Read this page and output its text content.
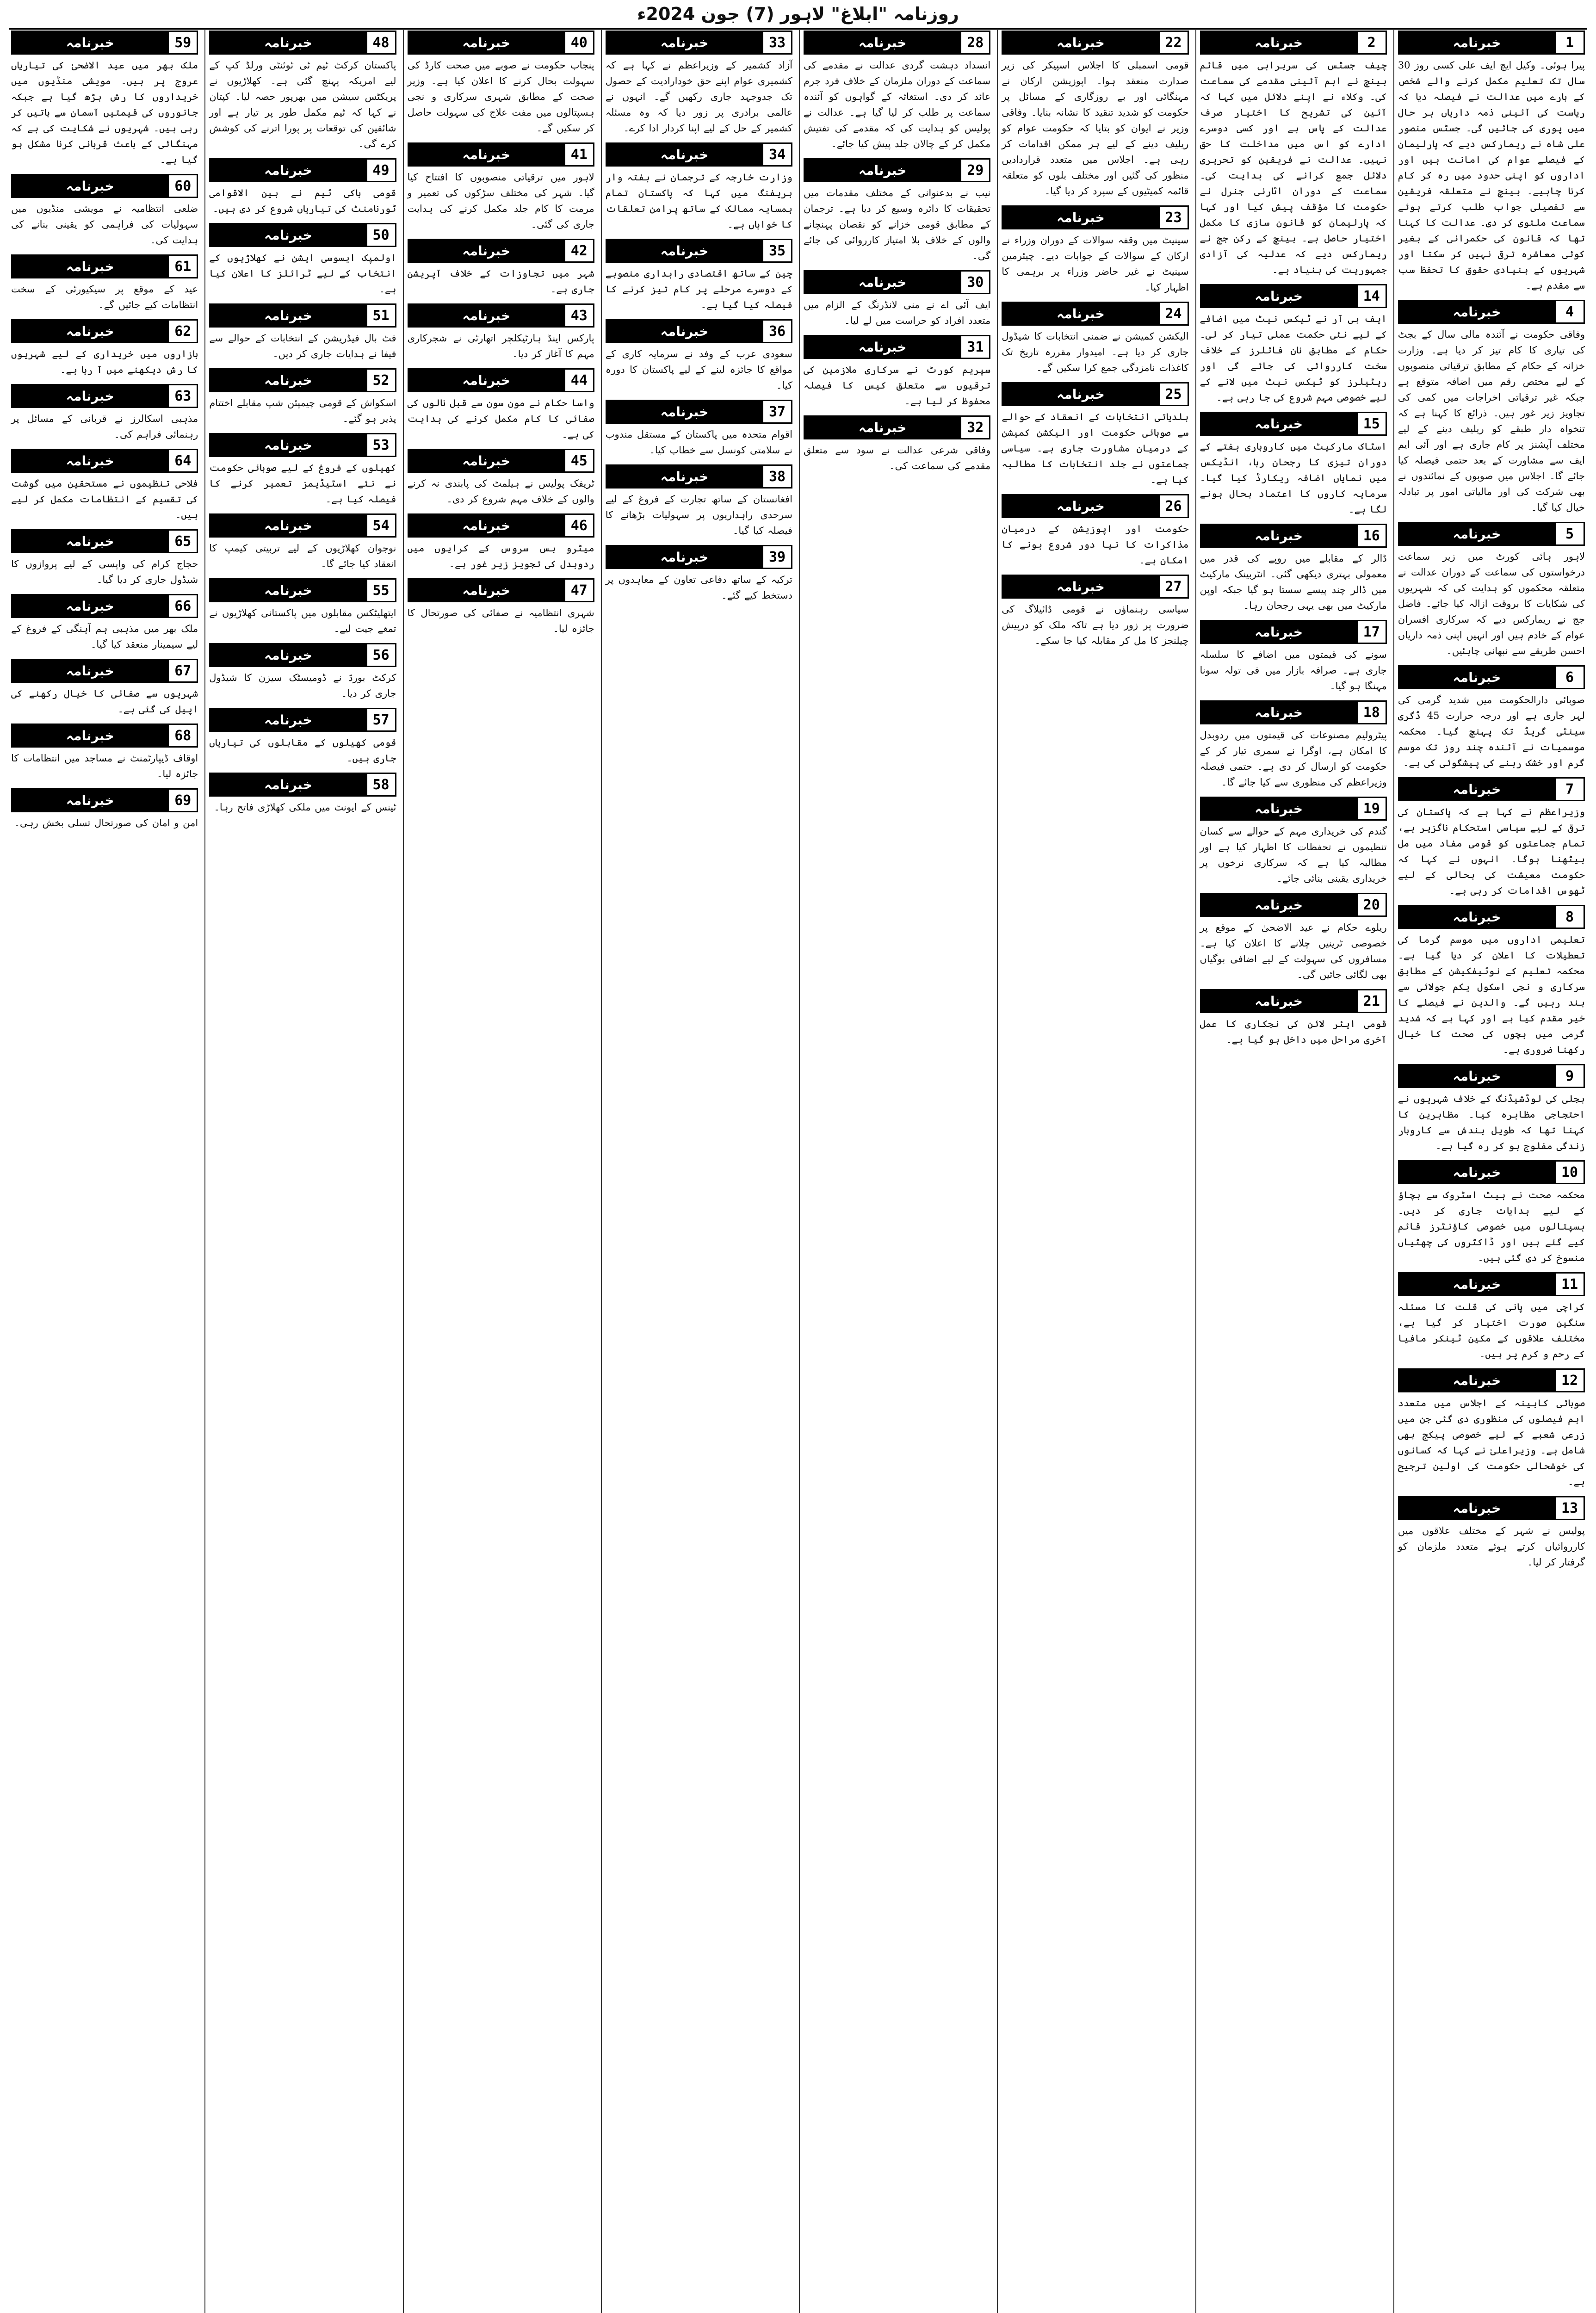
روزنامہ "ابلاغ" لاہور (7) جون 2024ء
1
خبرنامہ
پیرا ہوئی۔ وکیل ایچ ایف علی کسی روز 30 سال تک تعلیم مکمل کرنے والے شخص کے بارے میں عدالت نے فیصلہ دیا کہ ریاست کی آئینی ذمہ داریاں ہر حال میں پوری کی جائیں گی۔ جسٹس منصور علی شاہ نے ریمارکس دیے کہ پارلیمان کے فیصلے عوام کی امانت ہیں اور اداروں کو اپنی حدود میں رہ کر کام کرنا چاہیے۔ بینچ نے متعلقہ فریقین سے تفصیلی جواب طلب کرتے ہوئے سماعت ملتوی کر دی۔ عدالت کا کہنا تھا کہ قانون کی حکمرانی کے بغیر کوئی معاشرہ ترقی نہیں کر سکتا اور شہریوں کے بنیادی حقوق کا تحفظ سب سے مقدم ہے۔
4
خبرنامہ
وفاقی حکومت نے آئندہ مالی سال کے بجٹ کی تیاری کا کام تیز کر دیا ہے۔ وزارت خزانہ کے حکام کے مطابق ترقیاتی منصوبوں کے لیے مختص رقم میں اضافہ متوقع ہے جبکہ غیر ترقیاتی اخراجات میں کمی کی تجاویز زیر غور ہیں۔ ذرائع کا کہنا ہے کہ تنخواہ دار طبقے کو ریلیف دینے کے لیے مختلف آپشنز پر کام جاری ہے اور آئی ایم ایف سے مشاورت کے بعد حتمی فیصلہ کیا جائے گا۔ اجلاس میں صوبوں کے نمائندوں نے بھی شرکت کی اور مالیاتی امور پر تبادلہ خیال کیا گیا۔
5
خبرنامہ
لاہور ہائی کورٹ میں زیر سماعت درخواستوں کی سماعت کے دوران عدالت نے متعلقہ محکموں کو ہدایت کی کہ شہریوں کی شکایات کا بروقت ازالہ کیا جائے۔ فاضل جج نے ریمارکس دیے کہ سرکاری افسران عوام کے خادم ہیں اور انہیں اپنی ذمہ داریاں احسن طریقے سے نبھانی چاہئیں۔
6
خبرنامہ
صوبائی دارالحکومت میں شدید گرمی کی لہر جاری ہے اور درجہ حرارت 45 ڈگری سینٹی گریڈ تک پہنچ گیا۔ محکمہ موسمیات نے آئندہ چند روز تک موسم گرم اور خشک رہنے کی پیشگوئی کی ہے۔
7
خبرنامہ
وزیراعظم نے کہا ہے کہ پاکستان کی ترقی کے لیے سیاسی استحکام ناگزیر ہے، تمام جماعتوں کو قومی مفاد میں مل بیٹھنا ہوگا۔ انہوں نے کہا کہ حکومت معیشت کی بحالی کے لیے ٹھوس اقدامات کر رہی ہے۔
8
خبرنامہ
تعلیمی اداروں میں موسم گرما کی تعطیلات کا اعلان کر دیا گیا ہے۔ محکمہ تعلیم کے نوٹیفکیشن کے مطابق سرکاری و نجی اسکول یکم جولائی سے بند رہیں گے۔ والدین نے فیصلے کا خیر مقدم کیا ہے اور کہا ہے کہ شدید گرمی میں بچوں کی صحت کا خیال رکھنا ضروری ہے۔
9
خبرنامہ
بجلی کی لوڈشیڈنگ کے خلاف شہریوں نے احتجاجی مظاہرہ کیا۔ مظاہرین کا کہنا تھا کہ طویل بندش سے کاروبار زندگی مفلوج ہو کر رہ گیا ہے۔
10
خبرنامہ
محکمہ صحت نے ہیٹ اسٹروک سے بچاؤ کے لیے ہدایات جاری کر دیں۔ ہسپتالوں میں خصوصی کاؤنٹرز قائم کیے گئے ہیں اور ڈاکٹروں کی چھٹیاں منسوخ کر دی گئی ہیں۔
11
خبرنامہ
کراچی میں پانی کی قلت کا مسئلہ سنگین صورت اختیار کر گیا ہے، مختلف علاقوں کے مکین ٹینکر مافیا کے رحم و کرم پر ہیں۔
12
خبرنامہ
صوبائی کابینہ کے اجلاس میں متعدد اہم فیصلوں کی منظوری دی گئی جن میں زرعی شعبے کے لیے خصوصی پیکج بھی شامل ہے۔ وزیراعلیٰ نے کہا کہ کسانوں کی خوشحالی حکومت کی اولین ترجیح ہے۔
13
خبرنامہ
پولیس نے شہر کے مختلف علاقوں میں کارروائیاں کرتے ہوئے متعدد ملزمان کو گرفتار کر لیا۔
2
خبرنامہ
چیف جسٹس کی سربراہی میں قائم بینچ نے اہم آئینی مقدمے کی سماعت کی۔ وکلاء نے اپنے دلائل میں کہا کہ آئین کی تشریح کا اختیار صرف عدالت کے پاس ہے اور کسی دوسرے ادارے کو اس میں مداخلت کا حق نہیں۔ عدالت نے فریقین کو تحریری دلائل جمع کرانے کی ہدایت کی۔ سماعت کے دوران اٹارنی جنرل نے حکومت کا مؤقف پیش کیا اور کہا کہ پارلیمان کو قانون سازی کا مکمل اختیار حاصل ہے۔ بینچ کے رکن جج نے ریمارکس دیے کہ عدلیہ کی آزادی جمہوریت کی بنیاد ہے۔
14
خبرنامہ
ایف بی آر نے ٹیکس نیٹ میں اضافے کے لیے نئی حکمت عملی تیار کر لی۔ حکام کے مطابق نان فائلرز کے خلاف سخت کارروائی کی جائے گی اور ریٹیلرز کو ٹیکس نیٹ میں لانے کے لیے خصوصی مہم شروع کی جا رہی ہے۔
15
خبرنامہ
اسٹاک مارکیٹ میں کاروباری ہفتے کے دوران تیزی کا رجحان رہا، انڈیکس میں نمایاں اضافہ ریکارڈ کیا گیا۔ سرمایہ کاروں کا اعتماد بحال ہونے لگا ہے۔
16
خبرنامہ
ڈالر کے مقابلے میں روپے کی قدر میں معمولی بہتری دیکھی گئی۔ انٹربینک مارکیٹ میں ڈالر چند پیسے سستا ہو گیا جبکہ اوپن مارکیٹ میں بھی یہی رجحان رہا۔
17
خبرنامہ
سونے کی قیمتوں میں اضافے کا سلسلہ جاری ہے۔ صرافہ بازار میں فی تولہ سونا مہنگا ہو گیا۔
18
خبرنامہ
پیٹرولیم مصنوعات کی قیمتوں میں ردوبدل کا امکان ہے، اوگرا نے سمری تیار کر کے حکومت کو ارسال کر دی ہے۔ حتمی فیصلہ وزیراعظم کی منظوری سے کیا جائے گا۔
19
خبرنامہ
گندم کی خریداری مہم کے حوالے سے کسان تنظیموں نے تحفظات کا اظہار کیا ہے اور مطالبہ کیا ہے کہ سرکاری نرخوں پر خریداری یقینی بنائی جائے۔
20
خبرنامہ
ریلوے حکام نے عید الاضحیٰ کے موقع پر خصوصی ٹرینیں چلانے کا اعلان کیا ہے۔ مسافروں کی سہولت کے لیے اضافی بوگیاں بھی لگائی جائیں گی۔
21
خبرنامہ
قومی ایئر لائن کی نجکاری کا عمل آخری مراحل میں داخل ہو گیا ہے۔
22
خبرنامہ
قومی اسمبلی کا اجلاس اسپیکر کی زیر صدارت منعقد ہوا۔ اپوزیشن ارکان نے مہنگائی اور بے روزگاری کے مسائل پر حکومت کو شدید تنقید کا نشانہ بنایا۔ وفاقی وزیر نے ایوان کو بتایا کہ حکومت عوام کو ریلیف دینے کے لیے ہر ممکن اقدامات کر رہی ہے۔ اجلاس میں متعدد قراردادیں منظور کی گئیں اور مختلف بلوں کو متعلقہ قائمہ کمیٹیوں کے سپرد کر دیا گیا۔
23
خبرنامہ
سینیٹ میں وقفہ سوالات کے دوران وزراء نے ارکان کے سوالات کے جوابات دیے۔ چیئرمین سینیٹ نے غیر حاضر وزراء پر برہمی کا اظہار کیا۔
24
خبرنامہ
الیکشن کمیشن نے ضمنی انتخابات کا شیڈول جاری کر دیا ہے۔ امیدوار مقررہ تاریخ تک کاغذات نامزدگی جمع کرا سکیں گے۔
25
خبرنامہ
بلدیاتی انتخابات کے انعقاد کے حوالے سے صوبائی حکومت اور الیکشن کمیشن کے درمیان مشاورت جاری ہے۔ سیاسی جماعتوں نے جلد انتخابات کا مطالبہ کیا ہے۔
26
خبرنامہ
حکومت اور اپوزیشن کے درمیان مذاکرات کا نیا دور شروع ہونے کا امکان ہے۔
27
خبرنامہ
سیاسی رہنماؤں نے قومی ڈائیلاگ کی ضرورت پر زور دیا ہے تاکہ ملک کو درپیش چیلنجز کا مل کر مقابلہ کیا جا سکے۔
28
خبرنامہ
انسداد دہشت گردی عدالت نے مقدمے کی سماعت کے دوران ملزمان کے خلاف فرد جرم عائد کر دی۔ استغاثہ کے گواہوں کو آئندہ سماعت پر طلب کر لیا گیا ہے۔ عدالت نے پولیس کو ہدایت کی کہ مقدمے کی تفتیش مکمل کر کے چالان جلد پیش کیا جائے۔
29
خبرنامہ
نیب نے بدعنوانی کے مختلف مقدمات میں تحقیقات کا دائرہ وسیع کر دیا ہے۔ ترجمان کے مطابق قومی خزانے کو نقصان پہنچانے والوں کے خلاف بلا امتیاز کارروائی کی جائے گی۔
30
خبرنامہ
ایف آئی اے نے منی لانڈرنگ کے الزام میں متعدد افراد کو حراست میں لے لیا۔
31
خبرنامہ
سپریم کورٹ نے سرکاری ملازمین کی ترقیوں سے متعلق کیس کا فیصلہ محفوظ کر لیا ہے۔
32
خبرنامہ
وفاقی شرعی عدالت نے سود سے متعلق مقدمے کی سماعت کی۔
33
خبرنامہ
آزاد کشمیر کے وزیراعظم نے کہا ہے کہ کشمیری عوام اپنے حق خودارادیت کے حصول تک جدوجہد جاری رکھیں گے۔ انہوں نے عالمی برادری پر زور دیا کہ وہ مسئلہ کشمیر کے حل کے لیے اپنا کردار ادا کرے۔
34
خبرنامہ
وزارت خارجہ کے ترجمان نے ہفتہ وار بریفنگ میں کہا کہ پاکستان تمام ہمسایہ ممالک کے ساتھ پرامن تعلقات کا خواہاں ہے۔
35
خبرنامہ
چین کے ساتھ اقتصادی راہداری منصوبے کے دوسرے مرحلے پر کام تیز کرنے کا فیصلہ کیا گیا ہے۔
36
خبرنامہ
سعودی عرب کے وفد نے سرمایہ کاری کے مواقع کا جائزہ لینے کے لیے پاکستان کا دورہ کیا۔
37
خبرنامہ
اقوام متحدہ میں پاکستان کے مستقل مندوب نے سلامتی کونسل سے خطاب کیا۔
38
خبرنامہ
افغانستان کے ساتھ تجارت کے فروغ کے لیے سرحدی راہداریوں پر سہولیات بڑھانے کا فیصلہ کیا گیا۔
39
خبرنامہ
ترکیہ کے ساتھ دفاعی تعاون کے معاہدوں پر دستخط کیے گئے۔
40
خبرنامہ
پنجاب حکومت نے صوبے میں صحت کارڈ کی سہولت بحال کرنے کا اعلان کیا ہے۔ وزیر صحت کے مطابق شہری سرکاری و نجی ہسپتالوں میں مفت علاج کی سہولت حاصل کر سکیں گے۔
41
خبرنامہ
لاہور میں ترقیاتی منصوبوں کا افتتاح کیا گیا۔ شہر کی مختلف سڑکوں کی تعمیر و مرمت کا کام جلد مکمل کرنے کی ہدایت جاری کی گئی۔
42
خبرنامہ
شہر میں تجاوزات کے خلاف آپریشن جاری ہے۔
43
خبرنامہ
پارکس اینڈ ہارٹیکلچر اتھارٹی نے شجرکاری مہم کا آغاز کر دیا۔
44
خبرنامہ
واسا حکام نے مون سون سے قبل نالوں کی صفائی کا کام مکمل کرنے کی ہدایت کی ہے۔
45
خبرنامہ
ٹریفک پولیس نے ہیلمٹ کی پابندی نہ کرنے والوں کے خلاف مہم شروع کر دی۔
46
خبرنامہ
میٹرو بس سروس کے کرایوں میں ردوبدل کی تجویز زیر غور ہے۔
47
خبرنامہ
شہری انتظامیہ نے صفائی کی صورتحال کا جائزہ لیا۔
48
خبرنامہ
پاکستان کرکٹ ٹیم ٹی ٹوئنٹی ورلڈ کپ کے لیے امریکہ پہنچ گئی ہے۔ کھلاڑیوں نے پریکٹس سیشن میں بھرپور حصہ لیا۔ کپتان نے کہا کہ ٹیم مکمل طور پر تیار ہے اور شائقین کی توقعات پر پورا اترنے کی کوشش کرے گی۔
49
خبرنامہ
قومی ہاکی ٹیم نے بین الاقوامی ٹورنامنٹ کی تیاریاں شروع کر دی ہیں۔
50
خبرنامہ
اولمپک ایسوسی ایشن نے کھلاڑیوں کے انتخاب کے لیے ٹرائلز کا اعلان کیا ہے۔
51
خبرنامہ
فٹ بال فیڈریشن کے انتخابات کے حوالے سے فیفا نے ہدایات جاری کر دیں۔
52
خبرنامہ
اسکواش کے قومی چیمپئن شپ مقابلے اختتام پذیر ہو گئے۔
53
خبرنامہ
کھیلوں کے فروغ کے لیے صوبائی حکومت نے نئے اسٹیڈیمز تعمیر کرنے کا فیصلہ کیا ہے۔
54
خبرنامہ
نوجوان کھلاڑیوں کے لیے تربیتی کیمپ کا انعقاد کیا جائے گا۔
55
خبرنامہ
ایتھلیٹکس مقابلوں میں پاکستانی کھلاڑیوں نے تمغے جیت لیے۔
56
خبرنامہ
کرکٹ بورڈ نے ڈومیسٹک سیزن کا شیڈول جاری کر دیا۔
57
خبرنامہ
قومی کھیلوں کے مقابلوں کی تیاریاں جاری ہیں۔
58
خبرنامہ
ٹینس کے ایونٹ میں ملکی کھلاڑی فاتح رہا۔
59
خبرنامہ
ملک بھر میں عید الاضحیٰ کی تیاریاں عروج پر ہیں۔ مویشی منڈیوں میں خریداروں کا رش بڑھ گیا ہے جبکہ جانوروں کی قیمتیں آسمان سے باتیں کر رہی ہیں۔ شہریوں نے شکایت کی ہے کہ مہنگائی کے باعث قربانی کرنا مشکل ہو گیا ہے۔
60
خبرنامہ
ضلعی انتظامیہ نے مویشی منڈیوں میں سہولیات کی فراہمی کو یقینی بنانے کی ہدایت کی۔
61
خبرنامہ
عید کے موقع پر سیکیورٹی کے سخت انتظامات کیے جائیں گے۔
62
خبرنامہ
بازاروں میں خریداری کے لیے شہریوں کا رش دیکھنے میں آ رہا ہے۔
63
خبرنامہ
مذہبی اسکالرز نے قربانی کے مسائل پر رہنمائی فراہم کی۔
64
خبرنامہ
فلاحی تنظیموں نے مستحقین میں گوشت کی تقسیم کے انتظامات مکمل کر لیے ہیں۔
65
خبرنامہ
حجاج کرام کی واپسی کے لیے پروازوں کا شیڈول جاری کر دیا گیا۔
66
خبرنامہ
ملک بھر میں مذہبی ہم آہنگی کے فروغ کے لیے سیمینار منعقد کیا گیا۔
67
خبرنامہ
شہریوں سے صفائی کا خیال رکھنے کی اپیل کی گئی ہے۔
68
خبرنامہ
اوقاف ڈیپارٹمنٹ نے مساجد میں انتظامات کا جائزہ لیا۔
69
خبرنامہ
امن و امان کی صورتحال تسلی بخش رہی۔
